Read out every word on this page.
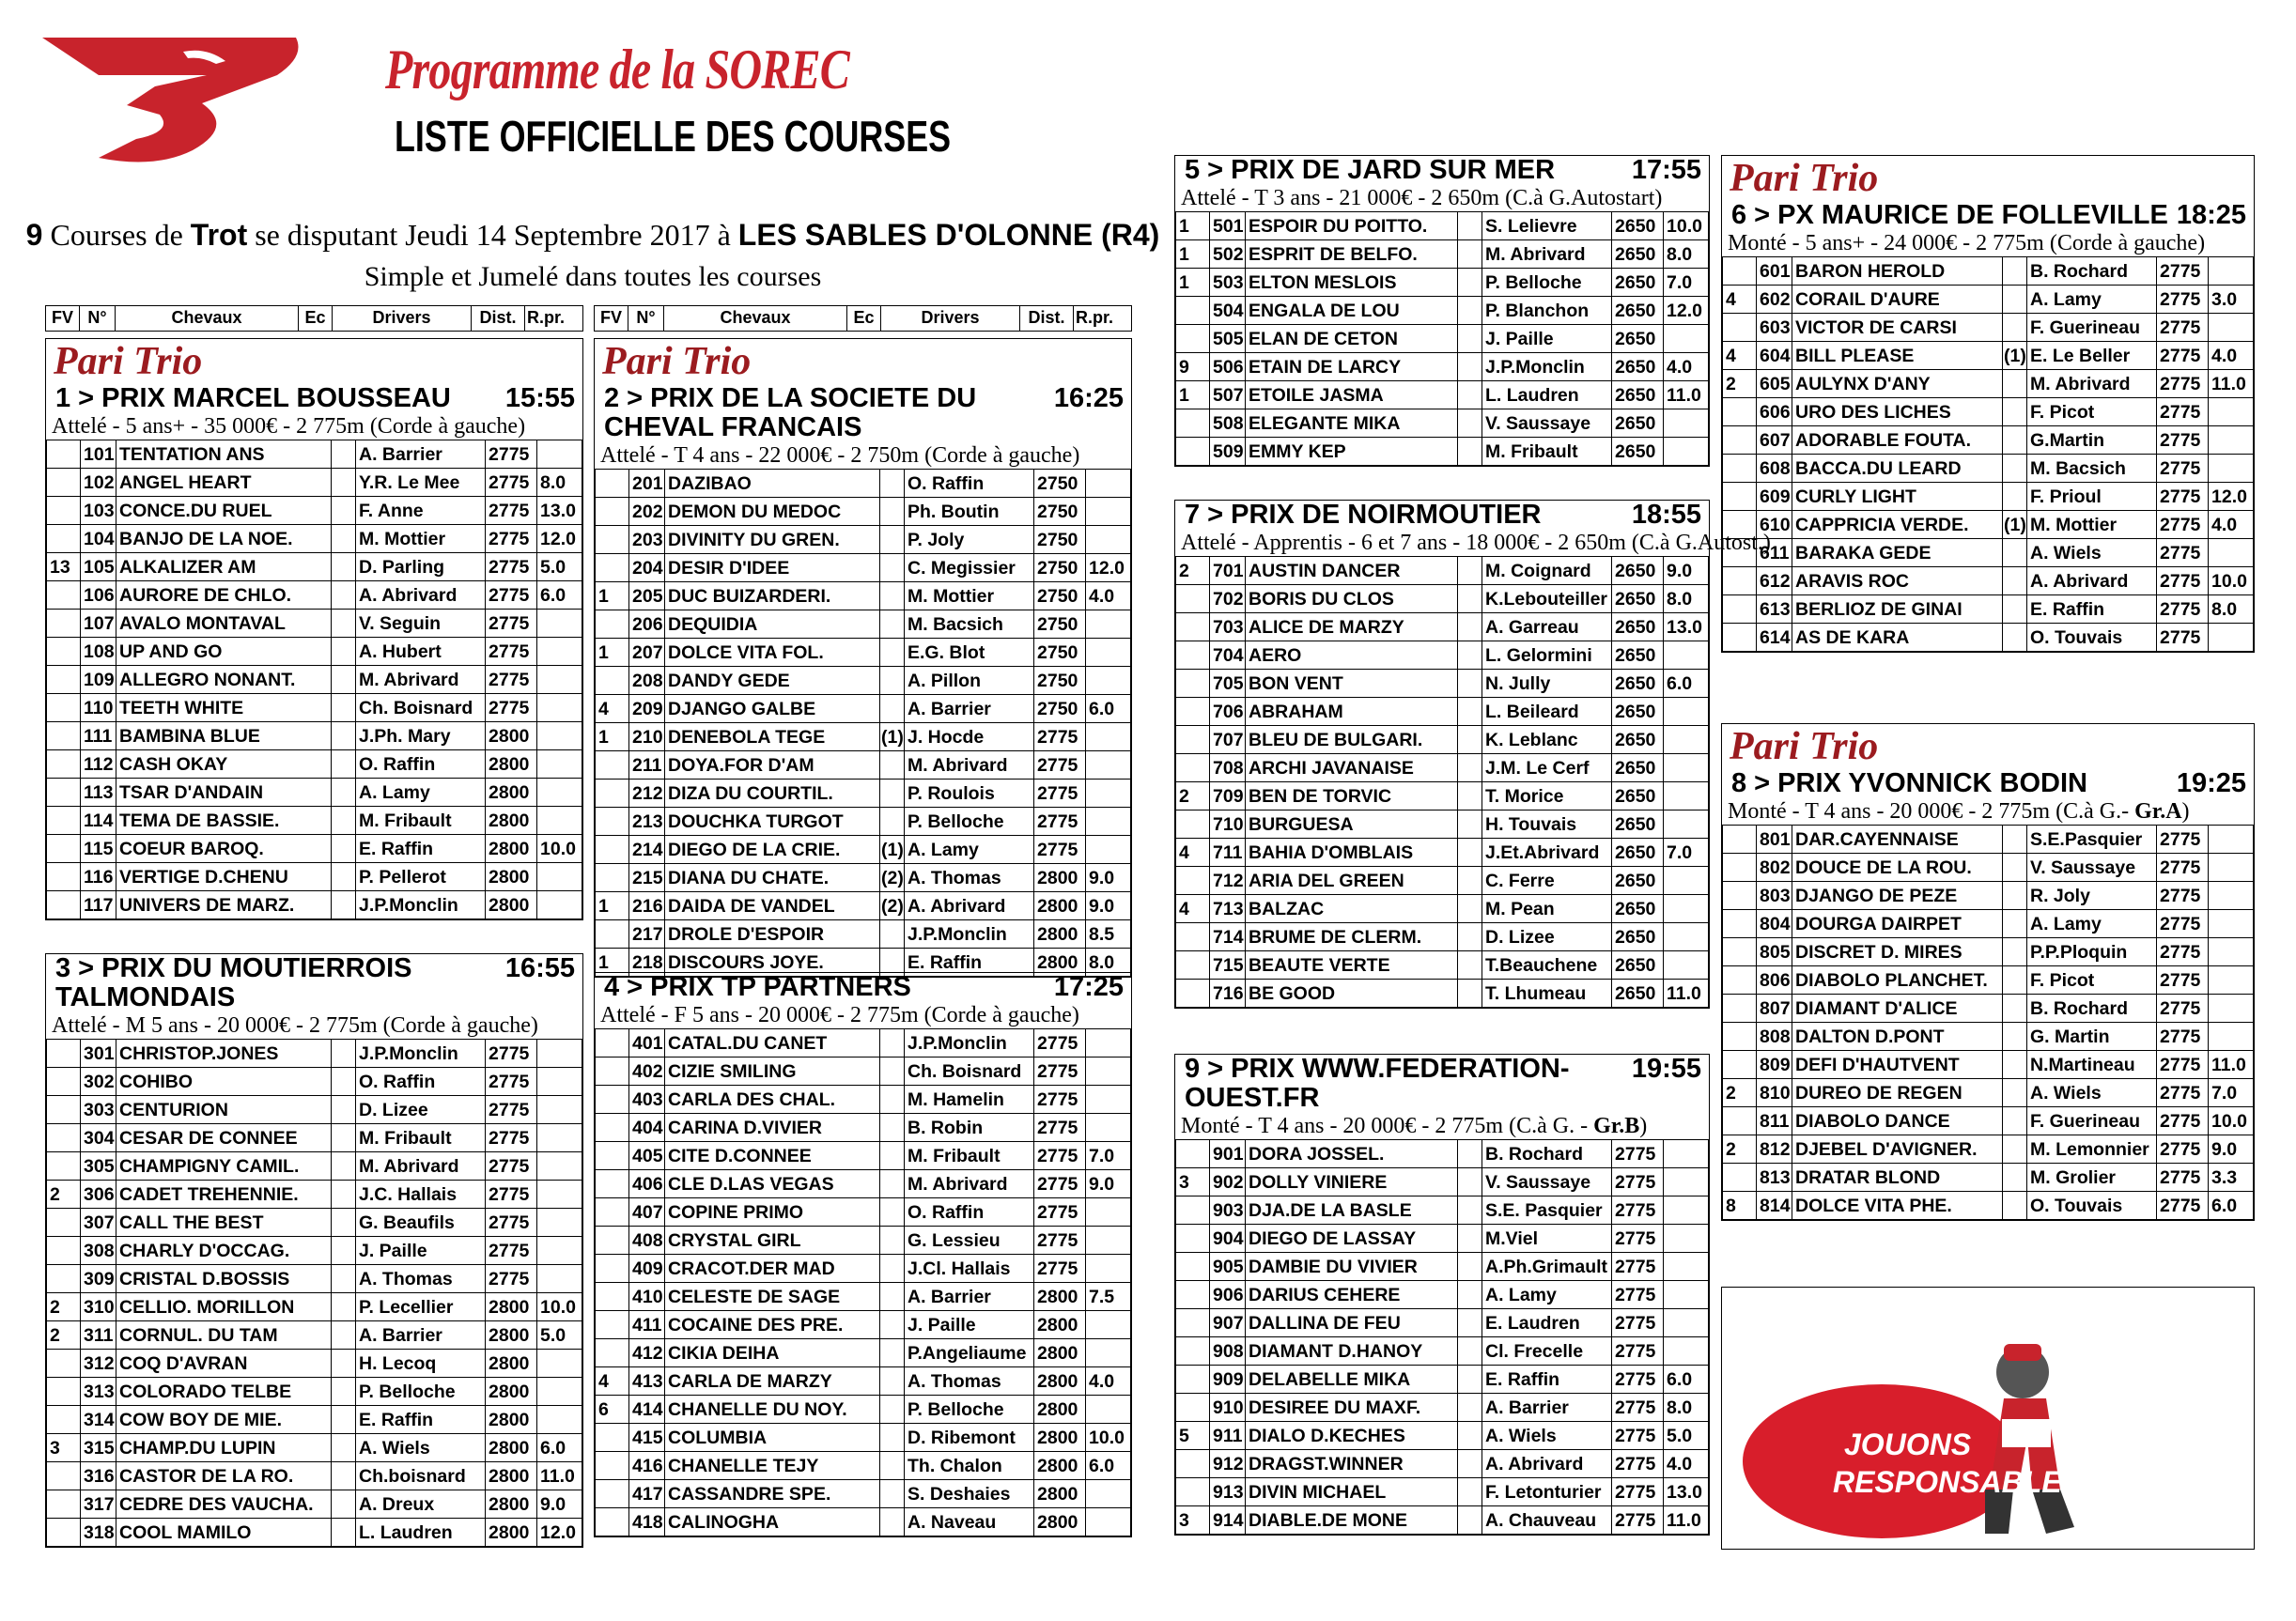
Programme de la SOREC
LISTE OFFICIELLE DES COURSES
9 Courses de Trot se disputant Jeudi 14 Septembre 2017 à LES SABLES D'OLONNE (R4)
Simple et Jumelé dans toutes les courses
FV N°	Chevaux	Ec	Drivers	Dist. R.pr.	FV N°	Chevaux	Ec	Drivers	Dist. R.pr.
Pari Trio
1 > PRIX MARCEL BOUSSEAU 15:55
Attelé - 5 ans+ - 35 000€ - 2 775m (Corde à gauche)
	101	TENTATION ANS		A. Barrier	2775	
	102	ANGEL HEART		Y.R. Le Mee	2775	8.0
	103	CONCE.DU RUEL		F. Anne	2775	13.0
	104	BANJO DE LA NOE.		M. Mottier	2775	12.0
13	105	ALKALIZER AM		D. Parling	2775	5.0
	106	AURORE DE CHLO.		A. Abrivard	2775	6.0
	107	AVALO MONTAVAL		V. Seguin	2775	
	108	UP AND GO		A. Hubert	2775	
	109	ALLEGRO NONANT.		M. Abrivard	2775	
	110	TEETH WHITE		Ch. Boisnard	2775	
	111	BAMBINA BLUE		J.Ph. Mary	2800	
	112	CASH OKAY		O. Raffin	2800	
	113	TSAR D'ANDAIN		A. Lamy	2800	
	114	TEMA DE BASSIE.		M. Fribault	2800	
	115	COEUR BAROQ.		E. Raffin	2800	10.0
	116	VERTIGE D.CHENU		P. Pellerot	2800	
	117	UNIVERS DE MARZ.		J.P.Monclin	2800	
Pari Trio
2 > PRIX DE LA SOCIETE DU
CHEVAL FRANCAIS
16:25
Attelé - T 4 ans - 22 000€ - 2 750m (Corde à gauche)
	201	DAZIBAO		O. Raffin	2750	
	202	DEMON DU MEDOC		Ph. Boutin	2750	
	203	DIVINITY DU GREN.		P. Joly	2750	
	204	DESIR D'IDEE		C. Megissier	2750	12.0
1	205	DUC BUIZARDERI.		M. Mottier	2750	4.0
	206	DEQUIDIA		M. Bacsich	2750	
1	207	DOLCE VITA FOL.		E.G. Blot	2750	
	208	DANDY GEDE		A. Pillon	2750	
4	209	DJANGO GALBE		A. Barrier	2750	6.0
1	210	DENEBOLA TEGE	(1)	J. Hocde	2775	
	211	DOYA.FOR D'AM		M. Abrivard	2775	
	212	DIZA DU COURTIL.		P. Roulois	2775	
	213	DOUCHKA TURGOT		P. Belloche	2775	
	214	DIEGO DE LA CRIE.	(1)	A. Lamy	2775	
	215	DIANA DU CHATE.	(2)	A. Thomas	2800	9.0
1	216	DAIDA DE VANDEL	(2)	A. Abrivard	2800	9.0
	217	DROLE D'ESPOIR		J.P.Monclin	2800	8.5
1	218	DISCOURS JOYE.		E. Raffin	2800	8.0
3 > PRIX DU MOUTIERROIS
TALMONDAIS
16:55
Attelé - M 5 ans - 20 000€ - 2 775m (Corde à gauche)
	301	CHRISTOP.JONES		J.P.Monclin	2775	
	302	COHIBO		O. Raffin	2775	
	303	CENTURION		D. Lizee	2775	
	304	CESAR DE CONNEE		M. Fribault	2775	
	305	CHAMPIGNY CAMIL.		M. Abrivard	2775	
2	306	CADET TREHENNIE.		J.C. Hallais	2775	
	307	CALL THE BEST		G. Beaufils	2775	
	308	CHARLY D'OCCAG.		J. Paille	2775	
	309	CRISTAL D.BOSSIS		A. Thomas	2775	
2	310	CELLIO. MORILLON		P. Lecellier	2800	10.0
2	311	CORNUL. DU TAM		A. Barrier	2800	5.0
	312	COQ D'AVRAN		H. Lecoq	2800	
	313	COLORADO TELBE		P. Belloche	2800	
	314	COW BOY DE MIE.		E. Raffin	2800	
3	315	CHAMP.DU LUPIN		A. Wiels	2800	6.0
	316	CASTOR DE LA RO.		Ch.boisnard	2800	11.0
	317	CEDRE DES VAUCHA.		A. Dreux	2800	9.0
	318	COOL MAMILO		L. Laudren	2800	12.0
4 > PRIX TP PARTNERS	17:25
Attelé - F 5 ans - 20 000€ - 2 775m (Corde à gauche)
	401	CATAL.DU CANET		J.P.Monclin	2775	
	402	CIZIE SMILING		Ch. Boisnard	2775	
	403	CARLA DES CHAL.		M. Hamelin	2775	
	404	CARINA D.VIVIER		B. Robin	2775	
	405	CITE D.CONNEE		M. Fribault	2775	7.0
	406	CLE D.LAS VEGAS		M. Abrivard	2775	9.0
	407	COPINE PRIMO		O. Raffin	2775	
	408	CRYSTAL GIRL		G. Lessieu	2775	
	409	CRACOT.DER MAD		J.Cl. Hallais	2775	
	410	CELESTE DE SAGE		A. Barrier	2800	7.5
	411	COCAINE DES PRE.		J. Paille	2800	
	412	CIKIA DEIHA		P.Angeliaume	2800	
4	413	CARLA DE MARZY		A. Thomas	2800	4.0
6	414	CHANELLE DU NOY.		P. Belloche	2800	
	415	COLUMBIA		D. Ribemont	2800	10.0
	416	CHANELLE TEJY		Th. Chalon	2800	6.0
	417	CASSANDRE SPE.		S. Deshaies	2800	
	418	CALINOGHA		A. Naveau	2800	
5 > PRIX DE JARD SUR MER	17:55
Attelé - T 3 ans - 21 000€ - 2 650m (C.à G.Autostart)
1	501	ESPOIR DU POITTO.		S. Lelievre	2650	10.0
1	502	ESPRIT DE BELFO.		M. Abrivard	2650	8.0
1	503	ELTON MESLOIS		P. Belloche	2650	7.0
	504	ENGALA DE LOU		P. Blanchon	2650	12.0
	505	ELAN DE CETON		J. Paille	2650	
9	506	ETAIN DE LARCY		J.P.Monclin	2650	4.0
1	507	ETOILE JASMA		L. Laudren	2650	11.0
	508	ELEGANTE MIKA		V. Saussaye	2650	
	509	EMMY KEP		M. Fribault	2650	
Pari Trio
6 > PX MAURICE DE FOLLEVILLE 18:25
Monté - 5 ans+ - 24 000€ - 2 775m (Corde à gauche)
	601	BARON HEROLD		B. Rochard	2775	
4	602	CORAIL D'AURE		A. Lamy	2775	3.0
	603	VICTOR DE CARSI		F. Guerineau	2775	
4	604	BILL PLEASE	(1)	E. Le Beller	2775	4.0
2	605	AULYNX D'ANY		M. Abrivard	2775	11.0
	606	URO DES LICHES		F. Picot	2775	
	607	ADORABLE FOUTA.		G.Martin	2775	
	608	BACCA.DU LEARD		M. Bacsich	2775	
	609	CURLY LIGHT		F. Prioul	2775	12.0
	610	CAPPRICIA VERDE.	(1)	M. Mottier	2775	4.0
	611	BARAKA GEDE		A. Wiels	2775	
	612	ARAVIS ROC		A. Abrivard	2775	10.0
	613	BERLIOZ DE GINAI		E. Raffin	2775	8.0
	614	AS DE KARA		O. Touvais	2775	
7 > PRIX DE NOIRMOUTIER	18:55
Attelé - Apprentis - 6 et 7 ans - 18 000€ - 2 650m (C.à G.Autost.)
2	701	AUSTIN DANCER		M. Coignard	2650	9.0
	702	BORIS DU CLOS		K.Lebouteiller	2650	8.0
	703	ALICE DE MARZY		A. Garreau	2650	13.0
	704	AERO		L. Gelormini	2650	
	705	BON VENT		N. Jully	2650	6.0
	706	ABRAHAM		L. Beileard	2650	
	707	BLEU DE BULGARI.		K. Leblanc	2650	
	708	ARCHI JAVANAISE		J.M. Le Cerf	2650	
2	709	BEN DE TORVIC		T. Morice	2650	
	710	BURGUESA		H. Touvais	2650	
4	711	BAHIA D'OMBLAIS		J.Et.Abrivard	2650	7.0
	712	ARIA DEL GREEN		C. Ferre	2650	
4	713	BALZAC		M. Pean	2650	
	714	BRUME DE CLERM.		D. Lizee	2650	
	715	BEAUTE VERTE		T.Beauchene	2650	
	716	BE GOOD		T. Lhumeau	2650	11.0
Pari Trio
8 > PRIX YVONNICK BODIN	19:25
Monté - T 4 ans - 20 000€ - 2 775m (C.à G.- Gr.A)
	801	DAR.CAYENNAISE		S.E.Pasquier	2775	
	802	DOUCE DE LA ROU.		V. Saussaye	2775	
	803	DJANGO DE PEZE		R. Joly	2775	
	804	DOURGA DAIRPET		A. Lamy	2775	
	805	DISCRET D. MIRES		P.P.Ploquin	2775	
	806	DIABOLO PLANCHET.		F. Picot	2775	
	807	DIAMANT D'ALICE		B. Rochard	2775	
	808	DALTON D.PONT		G. Martin	2775	
	809	DEFI D'HAUTVENT		N.Martineau	2775	11.0
2	810	DUREO DE REGEN		A. Wiels	2775	7.0
	811	DIABOLO DANCE		F. Guerineau	2775	10.0
2	812	DJEBEL D'AVIGNER.		M. Lemonnier	2775	9.0
	813	DRATAR BLOND		M. Grolier	2775	3.3
8	814	DOLCE VITA PHE.		O. Touvais	2775	6.0
9 > PRIX WWW.FEDERATION-
OUEST.FR
19:55
Monté - T 4 ans - 20 000€ - 2 775m (C.à G. - Gr.B)
	901	DORA JOSSEL.		B. Rochard	2775	
3	902	DOLLY VINIERE		V. Saussaye	2775	
	903	DJA.DE LA BASLE		S.E. Pasquier	2775	
	904	DIEGO DE LASSAY		M.Viel	2775	
	905	DAMBIE DU VIVIER		A.Ph.Grimault	2775	
	906	DARIUS CEHERE		A. Lamy	2775	
	907	DALLINA DE FEU		E. Laudren	2775	
	908	DIAMANT D.HANOY		Cl. Frecelle	2775	
	909	DELABELLE MIKA		E. Raffin	2775	6.0
	910	DESIREE DU MAXF.		A. Barrier	2775	8.0
5	911	DIALO D.KECHES		A. Wiels	2775	5.0
	912	DRAGST.WINNER		A. Abrivard	2775	4.0
	913	DIVIN MICHAEL		F. Letonturier	2775	13.0
3	914	DIABLE.DE MONE		A. Chauveau	2775	11.0
JOUONS
RESPONSABLE
